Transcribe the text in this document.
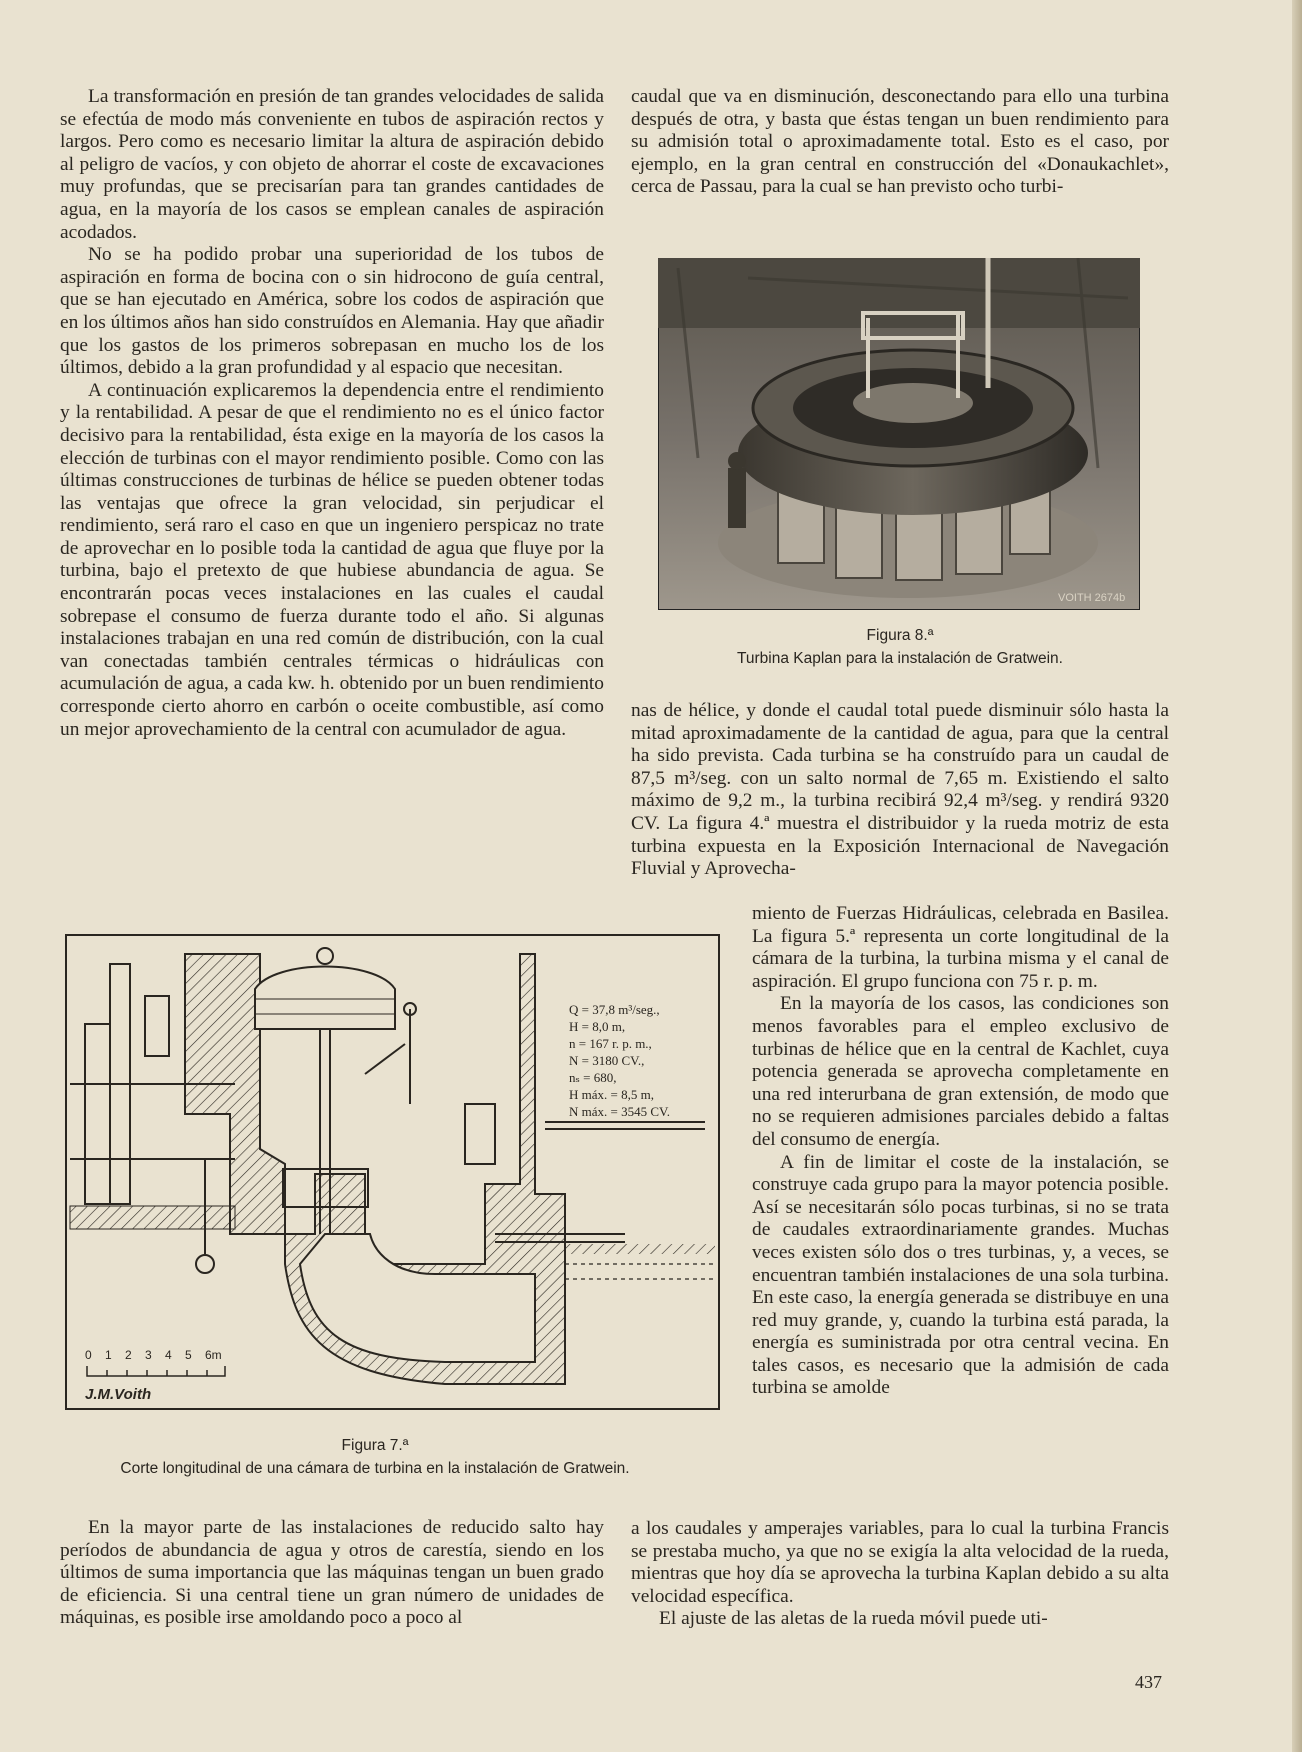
La transformación en presión de tan grandes velocidades de salida se efectúa de modo más conveniente en tubos de aspiración rectos y largos. Pero como es necesario limitar la altura de aspiración debido al peligro de vacíos, y con objeto de ahorrar el coste de excavaciones muy profundas, que se precisarían para tan grandes cantidades de agua, en la mayoría de los casos se emplean canales de aspiración acodados.

No se ha podido probar una superioridad de los tubos de aspiración en forma de bocina con o sin hidrocono de guía central, que se han ejecutado en América, sobre los codos de aspiración que en los últimos años han sido construídos en Alemania. Hay que añadir que los gastos de los primeros sobrepasan en mucho los de los últimos, debido a la gran profundidad y al espacio que necesitan.

A continuación explicaremos la dependencia entre el rendimiento y la rentabilidad. A pesar de que el rendimiento no es el único factor decisivo para la rentabilidad, ésta exige en la mayoría de los casos la elección de turbinas con el mayor rendimiento posible. Como con las últimas construcciones de turbinas de hélice se pueden obtener todas las ventajas que ofrece la gran velocidad, sin perjudicar el rendimiento, será raro el caso en que un ingeniero perspicaz no trate de aprovechar en lo posible toda la cantidad de agua que fluye por la turbina, bajo el pretexto de que hubiese abundancia de agua. Se encontrarán pocas veces instalaciones en las cuales el caudal sobrepase el consumo de fuerza durante todo el año. Si algunas instalaciones trabajan en una red común de distribución, con la cual van conectadas también centrales térmicas o hidráulicas con acumulación de agua, a cada kw. h. obtenido por un buen rendimiento corresponde cierto ahorro en carbón o oceite combustible, así como un mejor aprovechamiento de la central con acumulador de agua.

caudal que va en disminución, desconectando para ello una turbina después de otra, y basta que éstas tengan un buen rendimiento para su admisión total o aproximadamente total. Esto es el caso, por ejemplo, en la gran central en construcción del «Donaukachlet», cerca de Passau, para la cual se han previsto ocho turbi-

VOITH 2674b
Figura 8.ª
Turbina Kaplan para la instalación de Gratwein.

nas de hélice, y donde el caudal total puede disminuir sólo hasta la mitad aproximadamente de la cantidad de agua, para que la central ha sido prevista. Cada turbina se ha construído para un caudal de 87,5 m³/seg. con un salto normal de 7,65 m. Existiendo el salto máximo de 9,2 m., la turbina recibirá 92,4 m³/seg. y rendirá 9320 CV. La figura 4.ª muestra el distribuidor y la rueda motriz de esta turbina expuesta en la Exposición Internacional de Navegación Fluvial y Aprovecha-

miento de Fuerzas Hidráulicas, celebrada en Basilea. La figura 5.ª representa un corte longitudinal de la cámara de la turbina, la turbina misma y el canal de aspiración. El grupo funciona con 75 r. p. m.

En la mayoría de los casos, las condiciones son menos favorables para el empleo exclusivo de turbinas de hélice que en la central de Kachlet, cuya potencia generada se aprovecha completamente en una red interurbana de gran extensión, de modo que no se requieren admisiones parciales debido a faltas del consumo de energía.

A fin de limitar el coste de la instalación, se construye cada grupo para la mayor potencia posible. Así se necesitarán sólo pocas turbinas, si no se trata de caudales extraordinariamente grandes. Muchas veces existen sólo dos o tres turbinas, y, a veces, se encuentran también instalaciones de una sola turbina. En este caso, la energía generada se distribuye en una red muy grande, y, cuando la turbina está parada, la energía es suministrada por otra central vecina. En tales casos, es necesario que la admisión de cada turbina se amolde

Q = 37,8 m³/seg.,
H = 8,0 m,
n = 167 r. p. m.,
N = 3180 CV.,
nₛ = 680,
H máx. = 8,5 m,
N máx. = 3545 CV.
0 1 2 3 4 5 6m
J.M.Voith
Figura 7.ª
Corte longitudinal de una cámara de turbina en la instalación de Gratwein.

En la mayor parte de las instalaciones de reducido salto hay períodos de abundancia de agua y otros de carestía, siendo en los últimos de suma importancia que las máquinas tengan un buen grado de eficiencia. Si una central tiene un gran número de unidades de máquinas, es posible irse amoldando poco a poco al

a los caudales y amperajes variables, para lo cual la turbina Francis se prestaba mucho, ya que no se exigía la alta velocidad de la rueda, mientras que hoy día se aprovecha la turbina Kaplan debido a su alta velocidad específica.

El ajuste de las aletas de la rueda móvil puede uti-

437
